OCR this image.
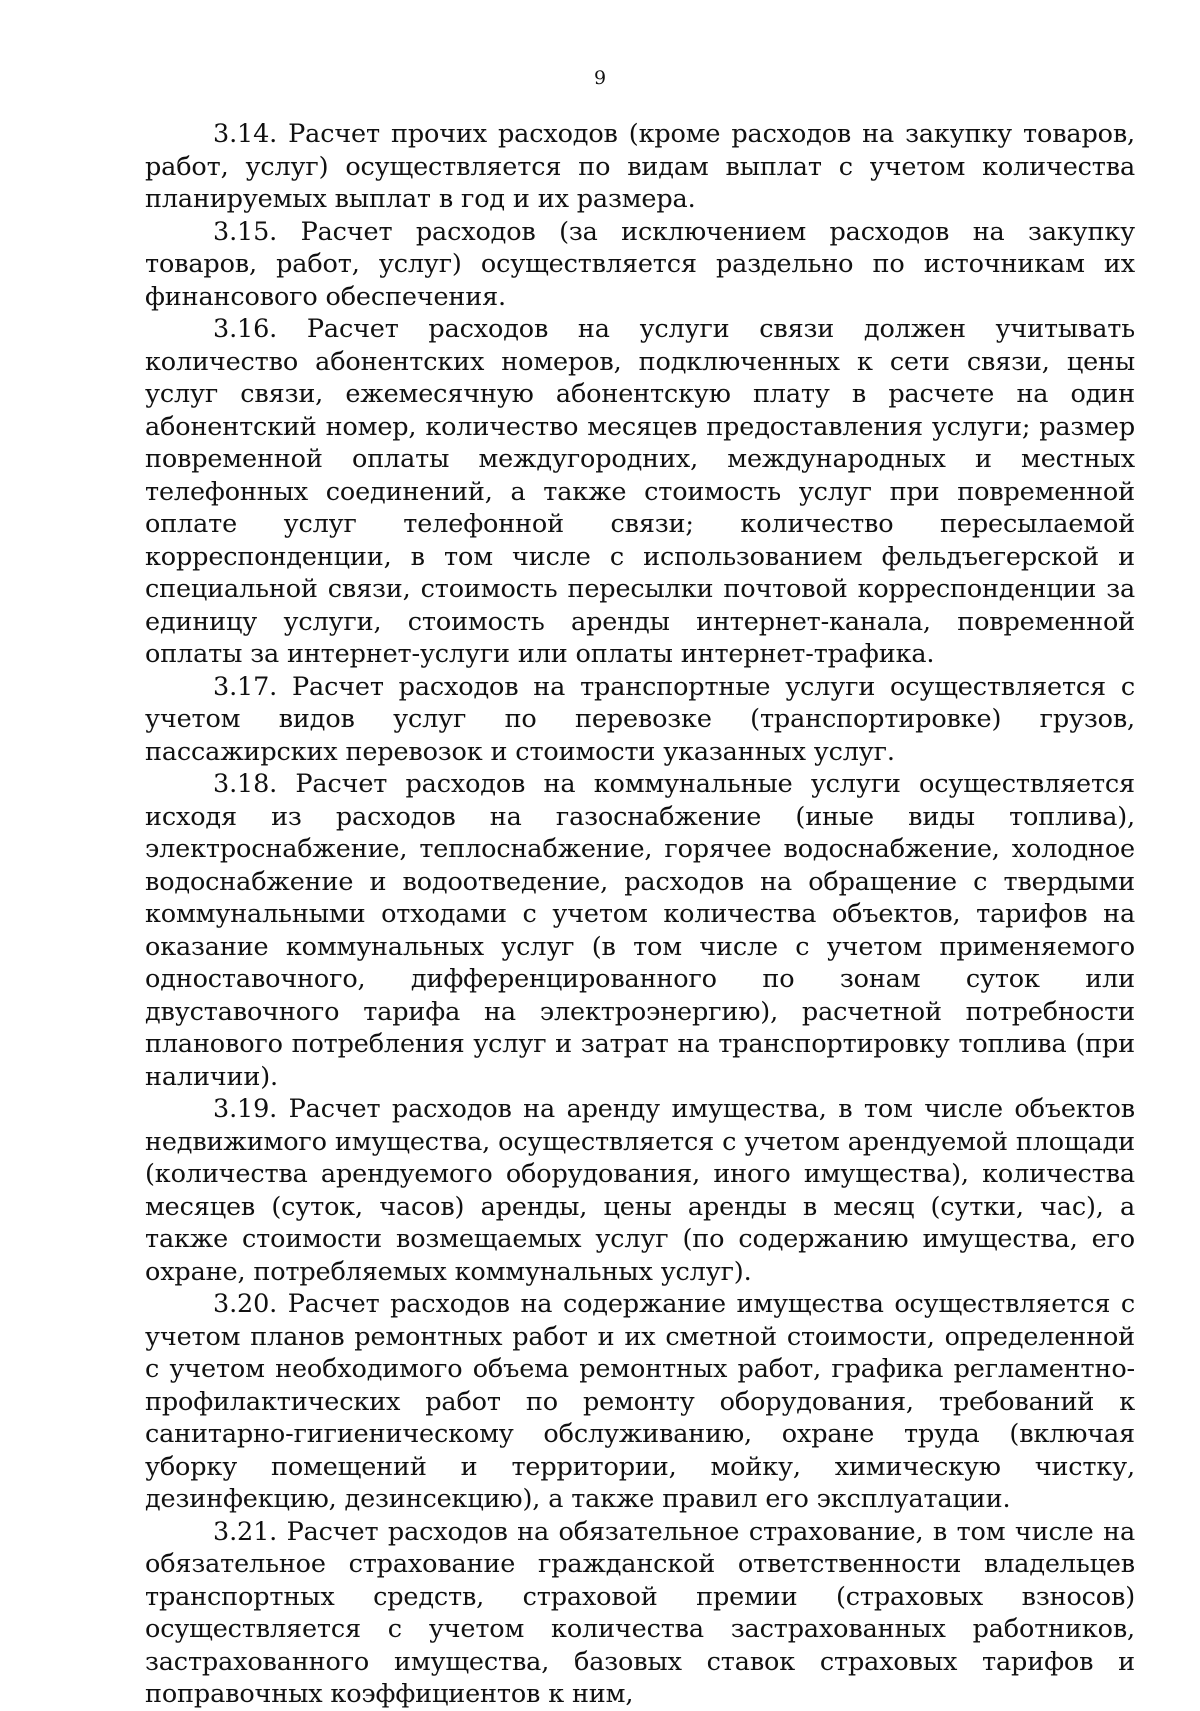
9

3.14. Расчет прочих расходов (кроме расходов на закупку товаров, работ, услуг) осуществляется по видам выплат с учетом количества планируемых выплат в год и их размера.

3.15. Расчет расходов (за исключением расходов на закупку товаров, работ, услуг) осуществляется раздельно по источникам их финансового обеспечения.

3.16. Расчет расходов на услуги связи должен учитывать количество абонентских номеров, подключенных к сети связи, цены услуг связи, ежемесячную абонентскую плату в расчете на один абонентский номер, количество месяцев предоставления услуги; размер повременной оплаты междугородних, международных и местных телефонных соединений, а также стоимость услуг при повременной оплате услуг телефонной связи; количество пересылаемой корреспонденции, в том числе с использованием фельдъегерской и специальной связи, стоимость пересылки почтовой корреспонденции за единицу услуги, стоимость аренды интернет-канала, повременной оплаты за интернет-услуги или оплаты интернет-трафика.

3.17. Расчет расходов на транспортные услуги осуществляется с учетом видов услуг по перевозке (транспортировке) грузов, пассажирских перевозок и стоимости указанных услуг.

3.18. Расчет расходов на коммунальные услуги осуществляется исходя из расходов на газоснабжение (иные виды топлива), электроснабжение, теплоснабжение, горячее водоснабжение, холодное водоснабжение и водоотведение, расходов на обращение с твердыми коммунальными отходами с учетом количества объектов, тарифов на оказание коммунальных услуг (в том числе с учетом применяемого одноставочного, дифференцированного по зонам суток или двуставочного тарифа на электроэнергию), расчетной потребности планового потребления услуг и затрат на транспортировку топлива (при наличии).

3.19. Расчет расходов на аренду имущества, в том числе объектов недвижимого имущества, осуществляется с учетом арендуемой площади (количества арендуемого оборудования, иного имущества), количества месяцев (суток, часов) аренды, цены аренды в месяц (сутки, час), а также стоимости возмещаемых услуг (по содержанию имущества, его охране, потребляемых коммунальных услуг).

3.20. Расчет расходов на содержание имущества осуществляется с учетом планов ремонтных работ и их сметной стоимости, определенной с учетом необходимого объема ремонтных работ, графика регламентно-профилактических работ по ремонту оборудования, требований к санитарно-гигиеническому обслуживанию, охране труда (включая уборку помещений и территории, мойку, химическую чистку, дезинфекцию, дезинсекцию), а также правил его эксплуатации.

3.21. Расчет расходов на обязательное страхование, в том числе на обязательное страхование гражданской ответственности владельцев транспортных средств, страховой премии (страховых взносов) осуществляется с учетом количества застрахованных работников, застрахованного имущества, базовых ставок страховых тарифов и поправочных коэффициентов к ним,
